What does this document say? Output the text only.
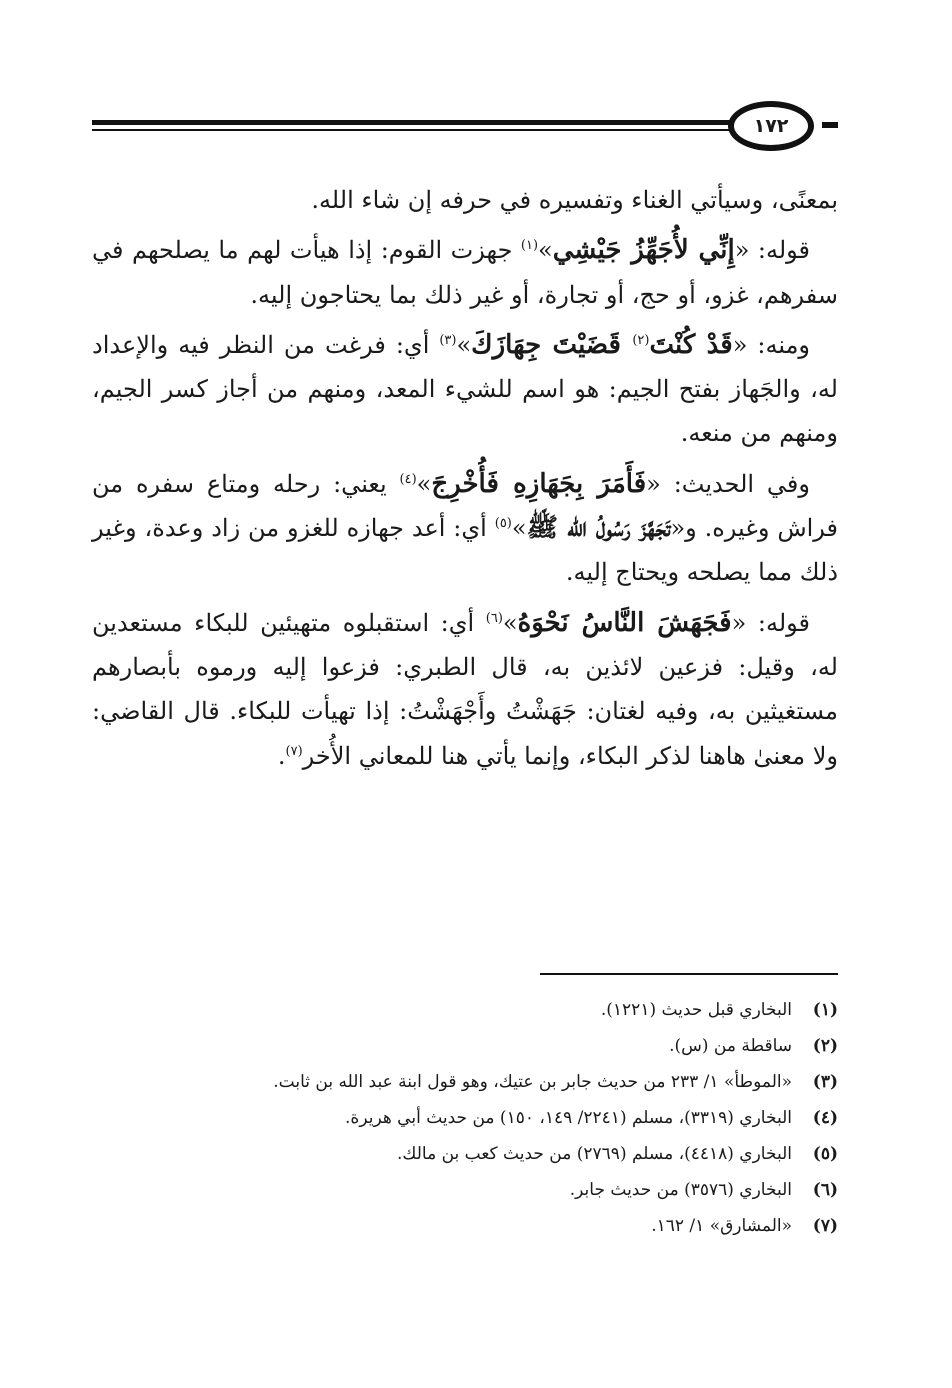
١٧٢

بمعنًى، وسيأتي الغناء وتفسيره في حرفه إن شاء الله.

قوله: «إِنِّي لأُجَهِّزُ جَيْشِي»$^{(١)}$ جهزت القوم: إذا هيأت لهم ما يصلحهم في سفرهم، غزو، أو حج، أو تجارة، أو غير ذلك بما يحتاجون إليه.

ومنه: «قَدْ كُنْتَ$^{(٢)}$ قَضَيْتَ جِهَازَكَ»$^{(٣)}$ أي: فرغت من النظر فيه والإعداد له، والجَهاز بفتح الجيم: هو اسم للشيء المعد، ومنهم من أجاز كسر الجيم، ومنهم من منعه.

وفي الحديث: «فَأَمَرَ بِجَهَازِهِ فَأُخْرِجَ»$^{(٤)}$ يعني: رحله ومتاع سفره من فراش وغيره. و«تَجَهَّزَ رَسُولُ الله ﷺ»$^{(٥)}$ أي: أعد جهازه للغزو من زاد وعدة، وغير ذلك مما يصلحه ويحتاج إليه.

قوله: «فَجَهَشَ النَّاسُ نَحْوَهُ»$^{(٦)}$ أي: استقبلوه متهيئين للبكاء مستعدين له، وقيل: فزعين لائذين به، قال الطبري: فزعوا إليه ورموه بأبصارهم مستغيثين به، وفيه لغتان: جَهَشْتُ وأَجْهَشْتُ: إذا تهيأت للبكاء. قال القاضي: ولا معنىٰ هاهنا لذكر البكاء، وإنما يأتي هنا للمعاني الأُخر$^{(٧)}$.

(١)البخاري قبل حديث (١٢٢١).
(٢)ساقطة من (س).
(٣)«الموطأ» ١/ ٢٣٣ من حديث جابر بن عتيك، وهو قول ابنة عبد الله بن ثابت.
(٤)البخاري (٣٣١٩)، مسلم (٢٢٤١/ ١٤٩، ١٥٠) من حديث أبي هريرة.
(٥)البخاري (٤٤١٨)، مسلم (٢٧٦٩) من حديث كعب بن مالك.
(٦)البخاري (٣٥٧٦) من حديث جابر.
(٧)«المشارق» ١/ ١٦٢.
